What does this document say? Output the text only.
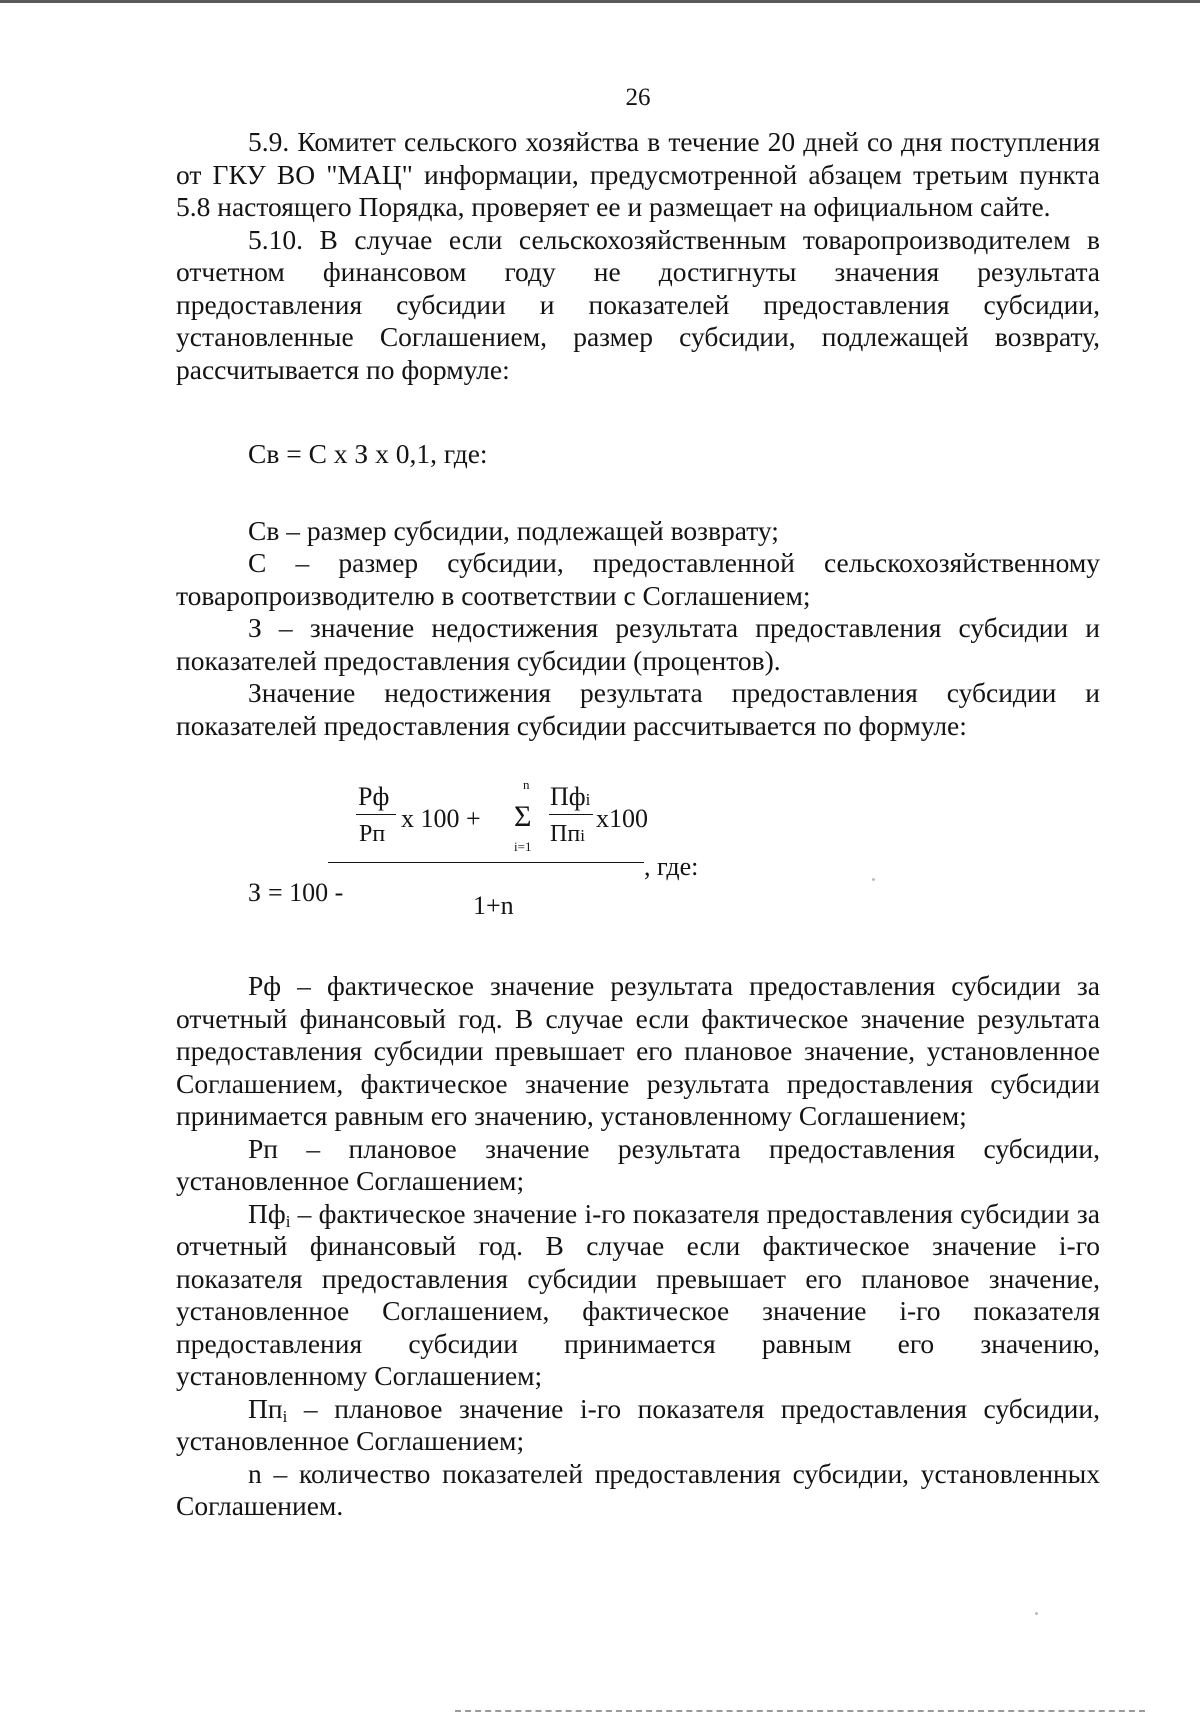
26

5.9. Комитет сельского хозяйства в течение 20 дней со дня поступления от ГКУ ВО "МАЦ" информации, предусмотренной абзацем третьим пункта 5.8 настоящего Порядка, проверяет ее и размещает на официальном сайте.

5.10. В случае если сельскохозяйственным товаропроизводителем в отчетном финансовом году не достигнуты значения результата предоставления субсидии и показателей предоставления субсидии, установленные Соглашением, размер субсидии, подлежащей возврату, рассчитывается по формуле:

Св = С х З х 0,1, где:

Св – размер субсидии, подлежащей возврату;

С – размер субсидии, предоставленной сельскохозяйственному товаропроизводителю в соответствии с Соглашением;

З – значение недостижения результата предоставления субсидии и показателей предоставления субсидии (процентов).

Значение недостижения результата предоставления субсидии и показателей предоставления субсидии рассчитывается по формуле:

З = 100 -
Рф
Рп
х 100 +
n
Σ
i=1
Пфi
Ппi
х100
1+n
, где:

Рф – фактическое значение результата предоставления субсидии за отчетный финансовый год. В случае если фактическое значение результата предоставления субсидии превышает его плановое значение, установленное Соглашением, фактическое значение результата предоставления субсидии принимается равным его значению, установленному Соглашением;

Рп – плановое значение результата предоставления субсидии, установленное Соглашением;

$Пф_i$ – фактическое значение i-го показателя предоставления субсидии за отчетный финансовый год. В случае если фактическое значение i-го показателя предоставления субсидии превышает его плановое значение, установленное Соглашением, фактическое значение i-го показателя предоставления субсидии принимается равным его значению, установленному Соглашением;

$Пп_i$ – плановое значение i-го показателя предоставления субсидии, установленное Соглашением;

n – количество показателей предоставления субсидии, установленных Соглашением.
